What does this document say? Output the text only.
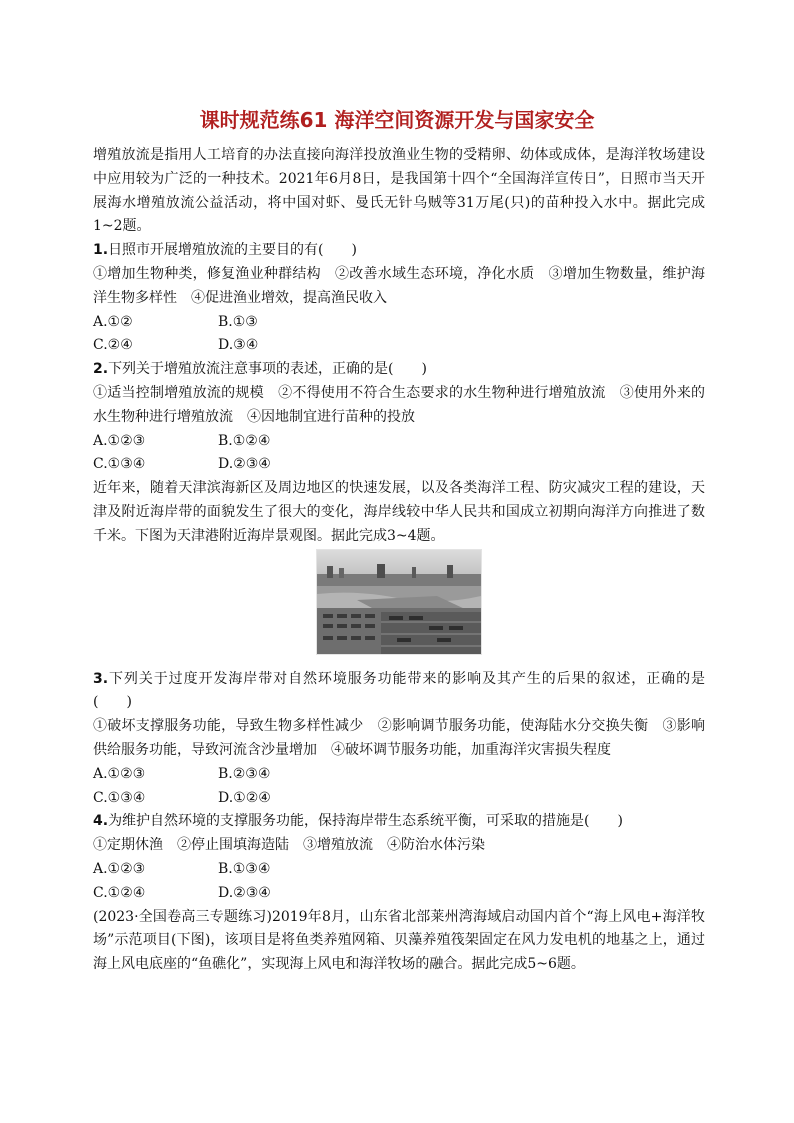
课时规范练61 海洋空间资源开发与国家安全

增殖放流是指用人工培育的办法直接向海洋投放渔业生物的受精卵、幼体或成体，是海洋牧场建设中应用较为广泛的一种技术。2021年6月8日，是我国第十四个“全国海洋宣传日”，日照市当天开展海水增殖放流公益活动，将中国对虾、曼氏无针乌贼等31万尾(只)的苗种投入水中。据此完成1~2题。

1.日照市开展增殖放流的主要目的有(　　)

①增加生物种类，修复渔业种群结构　②改善水域生态环境，净化水质　③增加生物数量，维护海洋生物多样性　④促进渔业增效，提高渔民收入

A.①②	B.①③
C.②④	D.③④

2.下列关于增殖放流注意事项的表述，正确的是(　　)

①适当控制增殖放流的规模　②不得使用不符合生态要求的水生物种进行增殖放流　③使用外来的水生物种进行增殖放流　④因地制宜进行苗种的投放

A.①②③	B.①②④
C.①③④	D.②③④

近年来，随着天津滨海新区及周边地区的快速发展，以及各类海洋工程、防灾减灾工程的建设，天津及附近海岸带的面貌发生了很大的变化，海岸线较中华人民共和国成立初期向海洋方向推进了数千米。下图为天津港附近海岸景观图。据此完成3~4题。

3.下列关于过度开发海岸带对自然环境服务功能带来的影响及其产生的后果的叙述，正确的是(　　)

①破坏支撑服务功能，导致生物多样性减少　②影响调节服务功能，使海陆水分交换失衡　③影响供给服务功能，导致河流含沙量增加　④破坏调节服务功能，加重海洋灾害损失程度

A.①②③	B.②③④
C.①③④	D.①②④

4.为维护自然环境的支撑服务功能，保持海岸带生态系统平衡，可采取的措施是(　　)

①定期休渔　②停止围填海造陆　③增殖放流　④防治水体污染

A.①②③	B.①③④
C.①②④	D.②③④

(2023·全国卷高三专题练习)2019年8月，山东省北部莱州湾海域启动国内首个“海上风电+海洋牧场”示范项目(下图)，该项目是将鱼类养殖网箱、贝藻养殖筏架固定在风力发电机的地基之上，通过海上风电底座的“鱼礁化”，实现海上风电和海洋牧场的融合。据此完成5~6题。
